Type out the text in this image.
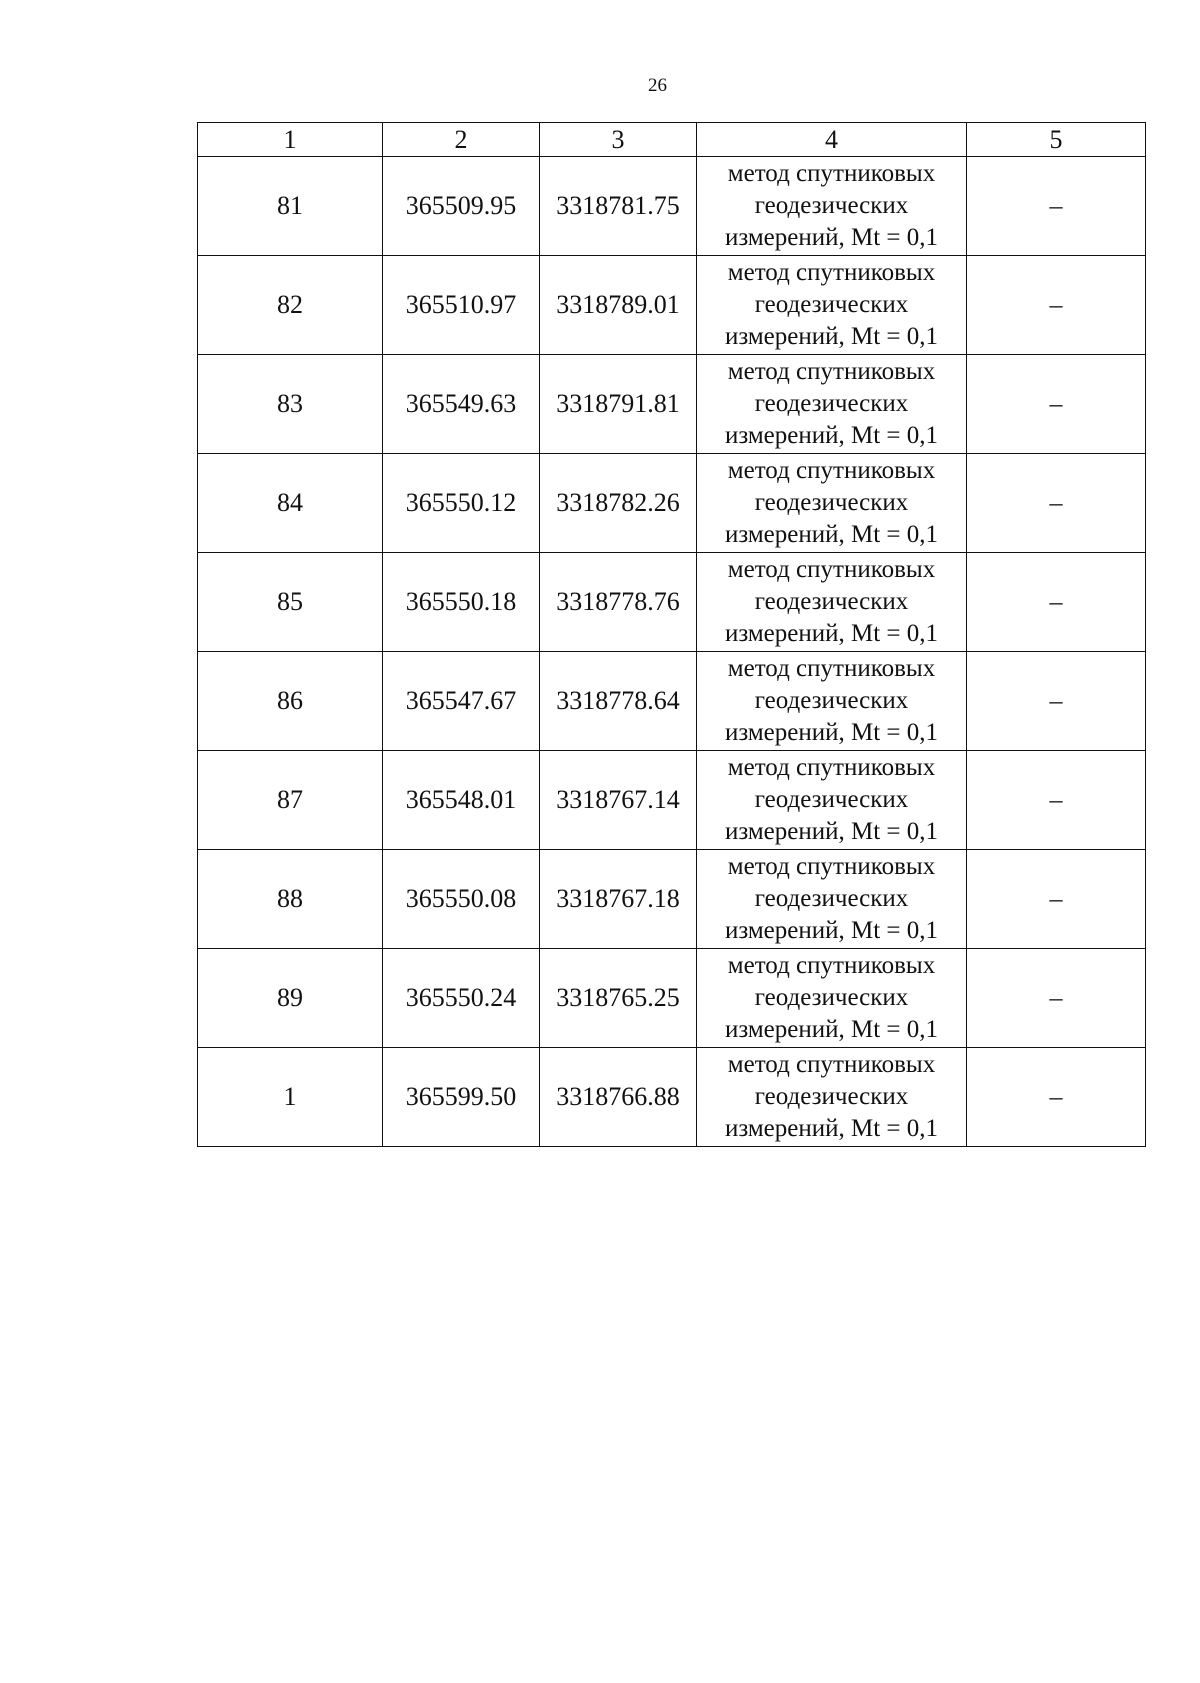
26
1	2	3	4	5
81	365509.95	3318781.75	метод спутниковых
геодезических
измерений, Mt = 0,1	–
82	365510.97	3318789.01	метод спутниковых
геодезических
измерений, Mt = 0,1	–
83	365549.63	3318791.81	метод спутниковых
геодезических
измерений, Mt = 0,1	–
84	365550.12	3318782.26	метод спутниковых
геодезических
измерений, Mt = 0,1	–
85	365550.18	3318778.76	метод спутниковых
геодезических
измерений, Mt = 0,1	–
86	365547.67	3318778.64	метод спутниковых
геодезических
измерений, Mt = 0,1	–
87	365548.01	3318767.14	метод спутниковых
геодезических
измерений, Mt = 0,1	–
88	365550.08	3318767.18	метод спутниковых
геодезических
измерений, Mt = 0,1	–
89	365550.24	3318765.25	метод спутниковых
геодезических
измерений, Mt = 0,1	–
1	365599.50	3318766.88	метод спутниковых
геодезических
измерений, Mt = 0,1	–
